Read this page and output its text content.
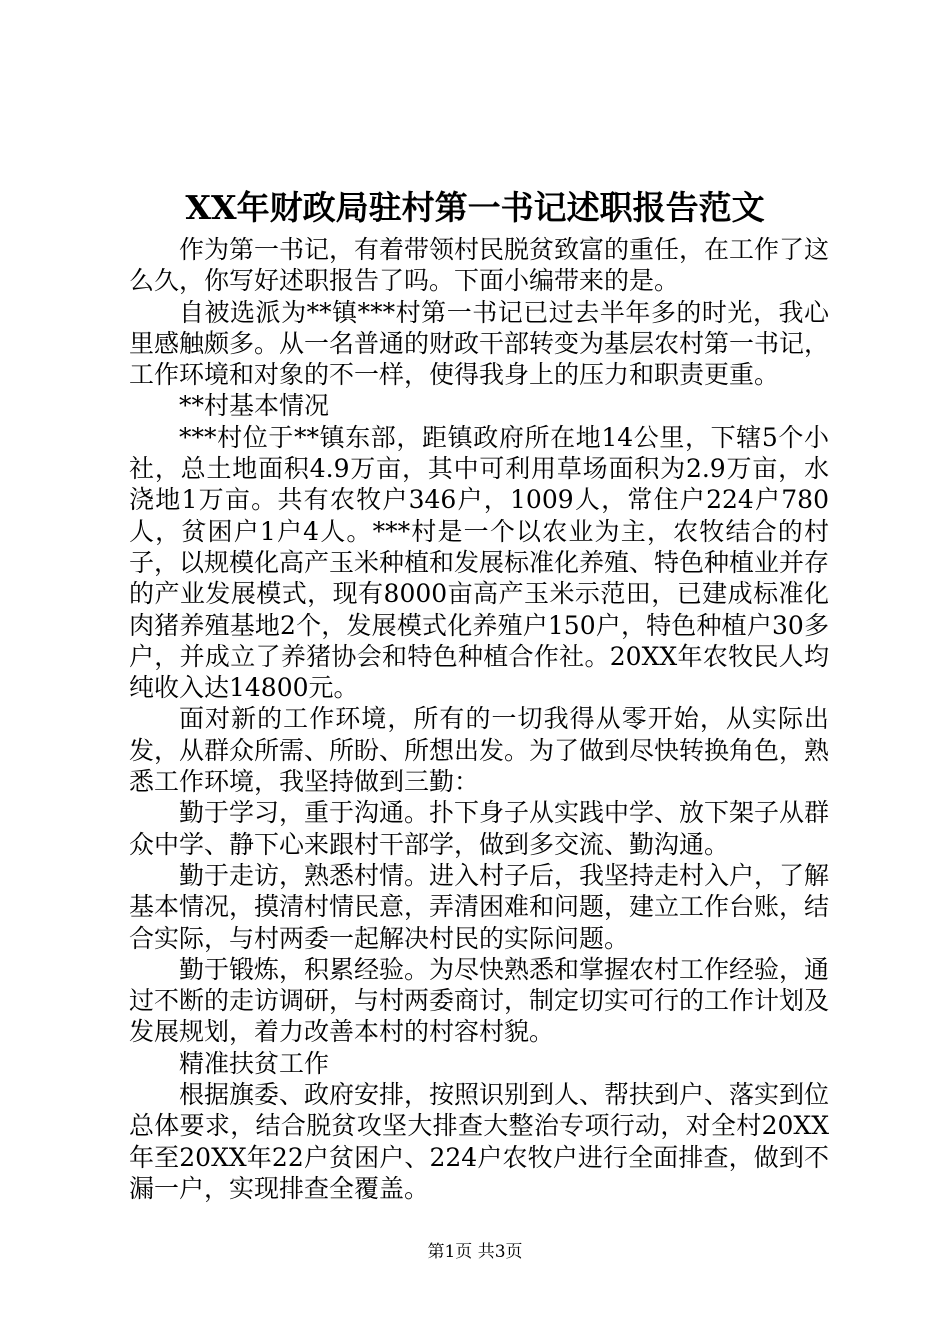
XX年财政局驻村第一书记述职报告范文

作为第一书记，有着带领村民脱贫致富的重任，在工作了这么久，你写好述职报告了吗。下面小编带来的是。

自被选派为**镇***村第一书记已过去半年多的时光，我心里感触颇多。从一名普通的财政干部转变为基层农村第一书记，工作环境和对象的不一样，使得我身上的压力和职责更重。

**村基本情况

***村位于**镇东部，距镇政府所在地14公里，下辖5个小社，总土地面积4.9万亩，其中可利用草场面积为2.9万亩，水浇地1万亩。共有农牧户346户，1009人，常住户224户780人，贫困户1户4人。***村是一个以农业为主，农牧结合的村子，以规模化高产玉米种植和发展标准化养殖、特色种植业并存的产业发展模式，现有8000亩高产玉米示范田，已建成标准化肉猪养殖基地2个，发展模式化养殖户150户，特色种植户30多户，并成立了养猪协会和特色种植合作社。20XX年农牧民人均纯收入达14800元。

面对新的工作环境，所有的一切我得从零开始，从实际出发，从群众所需、所盼、所想出发。为了做到尽快转换角色，熟悉工作环境，我坚持做到三勤：

勤于学习，重于沟通。扑下身子从实践中学、放下架子从群众中学、静下心来跟村干部学，做到多交流、勤沟通。

勤于走访，熟悉村情。进入村子后，我坚持走村入户，了解基本情况，摸清村情民意，弄清困难和问题，建立工作台账，结合实际，与村两委一起解决村民的实际问题。

勤于锻炼，积累经验。为尽快熟悉和掌握农村工作经验，通过不断的走访调研，与村两委商讨，制定切实可行的工作计划及发展规划，着力改善本村的村容村貌。

精准扶贫工作

根据旗委、政府安排，按照识别到人、帮扶到户、落实到位总体要求，结合脱贫攻坚大排查大整治专项行动，对全村20XX年至20XX年22户贫困户、224户农牧户进行全面排查，做到不漏一户，实现排查全覆盖。

第1页 共3页
